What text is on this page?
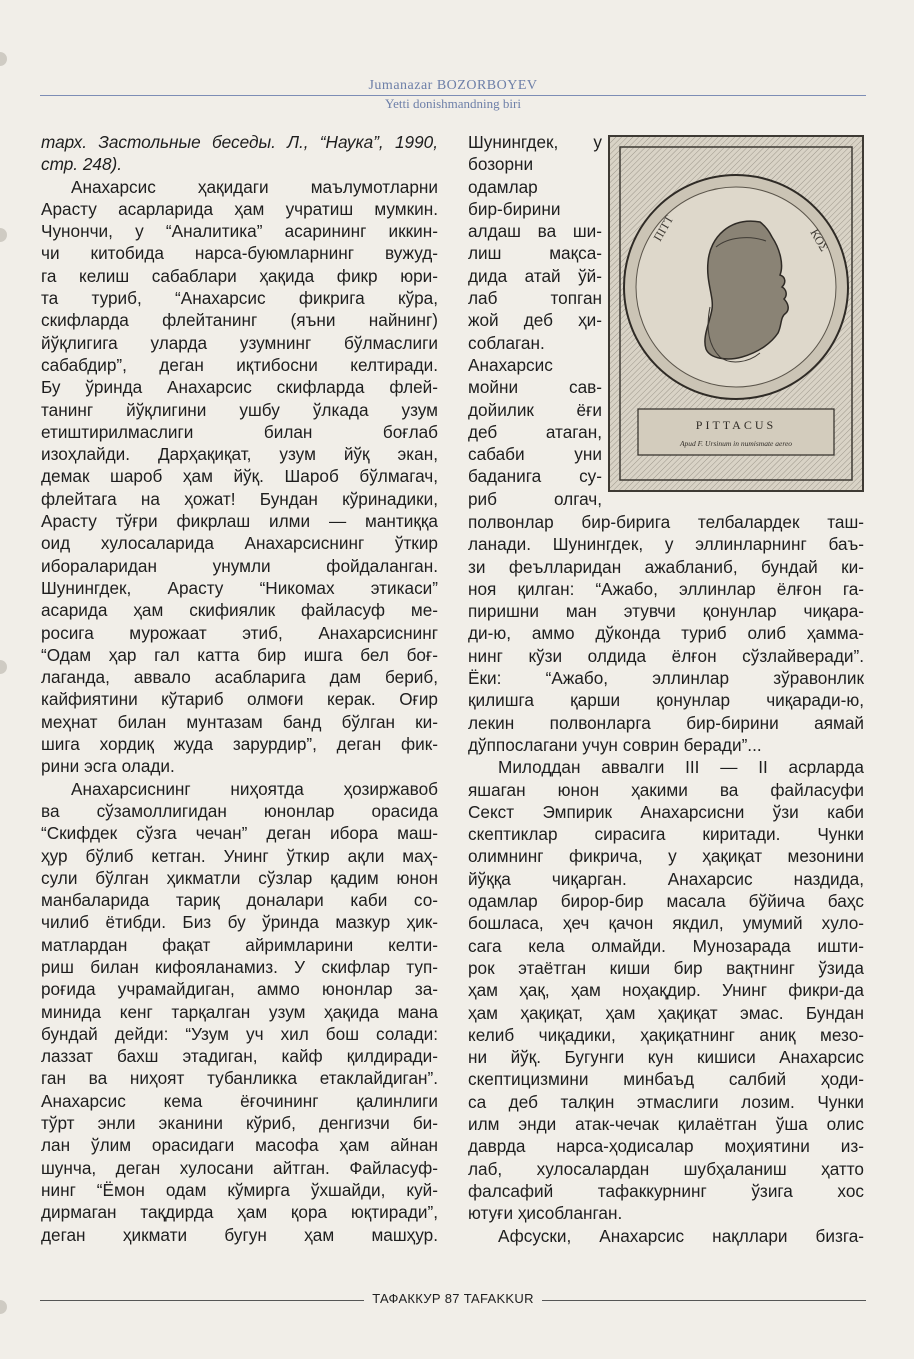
Jumanazar BOZORBOYEV
Yetti donishmandning biri
тарх. Застольные беседы. Л., “Наука”, 1990,
стр. 248).
Анахарсис ҳақидаги маълумотларни
Арасту асарларида ҳам учратиш мумкин.
Чунончи, у “Аналитика” асарининг иккин-
чи китобида нарса-буюмларнинг вужуд-
га келиш сабаблари ҳақида фикр юри-
та туриб, “Анахарсис фикрига кўра,
скифларда флейтанинг (яъни найнинг)
йўқлигига уларда узумнинг бўлмаслиги
сабабдир”, деган иқтибосни келтиради.
Бу ўринда Анахарсис скифларда флей-
танинг йўқлигини ушбу ўлкада узум
етиштирилмаслиги билан боғлаб
изоҳлайди. Дарҳақиқат, узум йўқ экан,
демак шароб ҳам йўқ. Шароб бўлмагач,
флейтага на ҳожат! Бундан кўринадики,
Арасту тўғри фикрлаш илми — мантиққа
оид хулосаларида Анахарсиснинг ўткир
ибораларидан унумли фойдаланган.
Шунингдек, Арасту “Никомах этикаси”
асарида ҳам скифиялик файласуф ме-
росига мурожаат этиб, Анахарсиснинг
“Одам ҳар гал катта бир ишга бел боғ-
лаганда, аввало асабларига дам бериб,
кайфиятини кўтариб олмоғи керак. Оғир
меҳнат билан мунтазам банд бўлган ки-
шига хордиқ жуда зарурдир”, деган фик-
рини эсга олади.
Анахарсиснинг ниҳоятда ҳозиржавоб
ва сўзамоллигидан юнонлар орасида
“Скифдек сўзга чечан” деган ибора маш-
ҳур бўлиб кетган. Унинг ўткир ақли маҳ-
сули бўлган ҳикматли сўзлар қадим юнон
манбаларида тариқ доналари каби со-
чилиб ётибди. Биз бу ўринда мазкур ҳик-
матлардан фақат айримларини келти-
риш билан кифояланамиз. У скифлар туп-
роғида учрамайдиган, аммо юнонлар за-
минида кенг тарқалган узум ҳақида мана
бундай дейди: “Узум уч хил бош солади:
лаззат бахш этадиган, кайф қилдиради-
ган ва ниҳоят тубанликка етаклайдиган”.
Анахарсис кема ёғочининг қалинлиги
тўрт энли эканини кўриб, денгизчи би-
лан ўлим орасидаги масофа ҳам айнан
шунча, деган хулосани айтган. Файласуф-
нинг “Ёмон одам кўмирга ўхшайди, куй-
дирмаган тақдирда ҳам қора юқтиради”,
деган ҳикмати бугун ҳам машҳур.
Шунингдек, у
бозорни
одамлар
бир-бирини
алдаш ва ши-
лиш мақса-
дида атай ўй-
лаб топган
жой деб ҳи-
соблаган.
Анахарсис
мойни сав-
дойилик ёғи
деб атаган,
сабаби уни
баданига су-
риб олгач,
ΠΙΤΤ	ΚΟΣ
PITTACUS
Apud F. Ursinum in numismate aereo
полвонлар бир-бирига телбалардек таш-
ланади. Шунингдек, у эллинларнинг баъ-
зи феълларидан ажабланиб, бундай ки-
ноя қилган: “Ажабо, эллинлар ёлғон га-
пиришни ман этувчи қонунлар чиқара-
ди-ю, аммо дўконда туриб олиб ҳамма-
нинг кўзи олдида ёлғон сўзлайверади”.
Ёки: “Ажабо, эллинлар зўравонлик
қилишга қарши қонунлар чиқаради-ю,
лекин полвонларга бир-бирини аямай
дўппослагани учун соврин беради”...
Милоддан аввалги III — II асрларда
яшаган юнон ҳакими ва файласуфи
Секст Эмпирик Анахарсисни ўзи каби
скептиклар сирасига киритади. Чунки
олимнинг фикрича, у ҳақиқат мезонини
йўққа чиқарган. Анахарсис наздида,
одамлар бирор-бир масала бўйича баҳс
бошласа, ҳеч қачон якдил, умумий хуло-
сага кела олмайди. Мунозарада ишти-
рок этаётган киши бир вақтнинг ўзида
ҳам ҳақ, ҳам ноҳақдир. Унинг фикри-да
ҳам ҳақиқат, ҳам ҳақиқат эмас. Бундан
келиб чиқадики, ҳақиқатнинг аниқ мезо-
ни йўқ. Бугунги кун кишиси Анахарсис
скептицизмини минбаъд салбий ҳоди-
са деб талқин этмаслиги лозим. Чунки
илм энди атак-чечак қилаётган ўша олис
даврда нарса-ҳодисалар моҳиятини из-
лаб, хулосалардан шубҳаланиш ҳатто
фалсафий тафаккурнинг ўзига хос
ютуғи ҳисобланган.
Афсуски, Анахарсис нақллари бизга-
ТАФАККУР 87 TAFAKKUR
